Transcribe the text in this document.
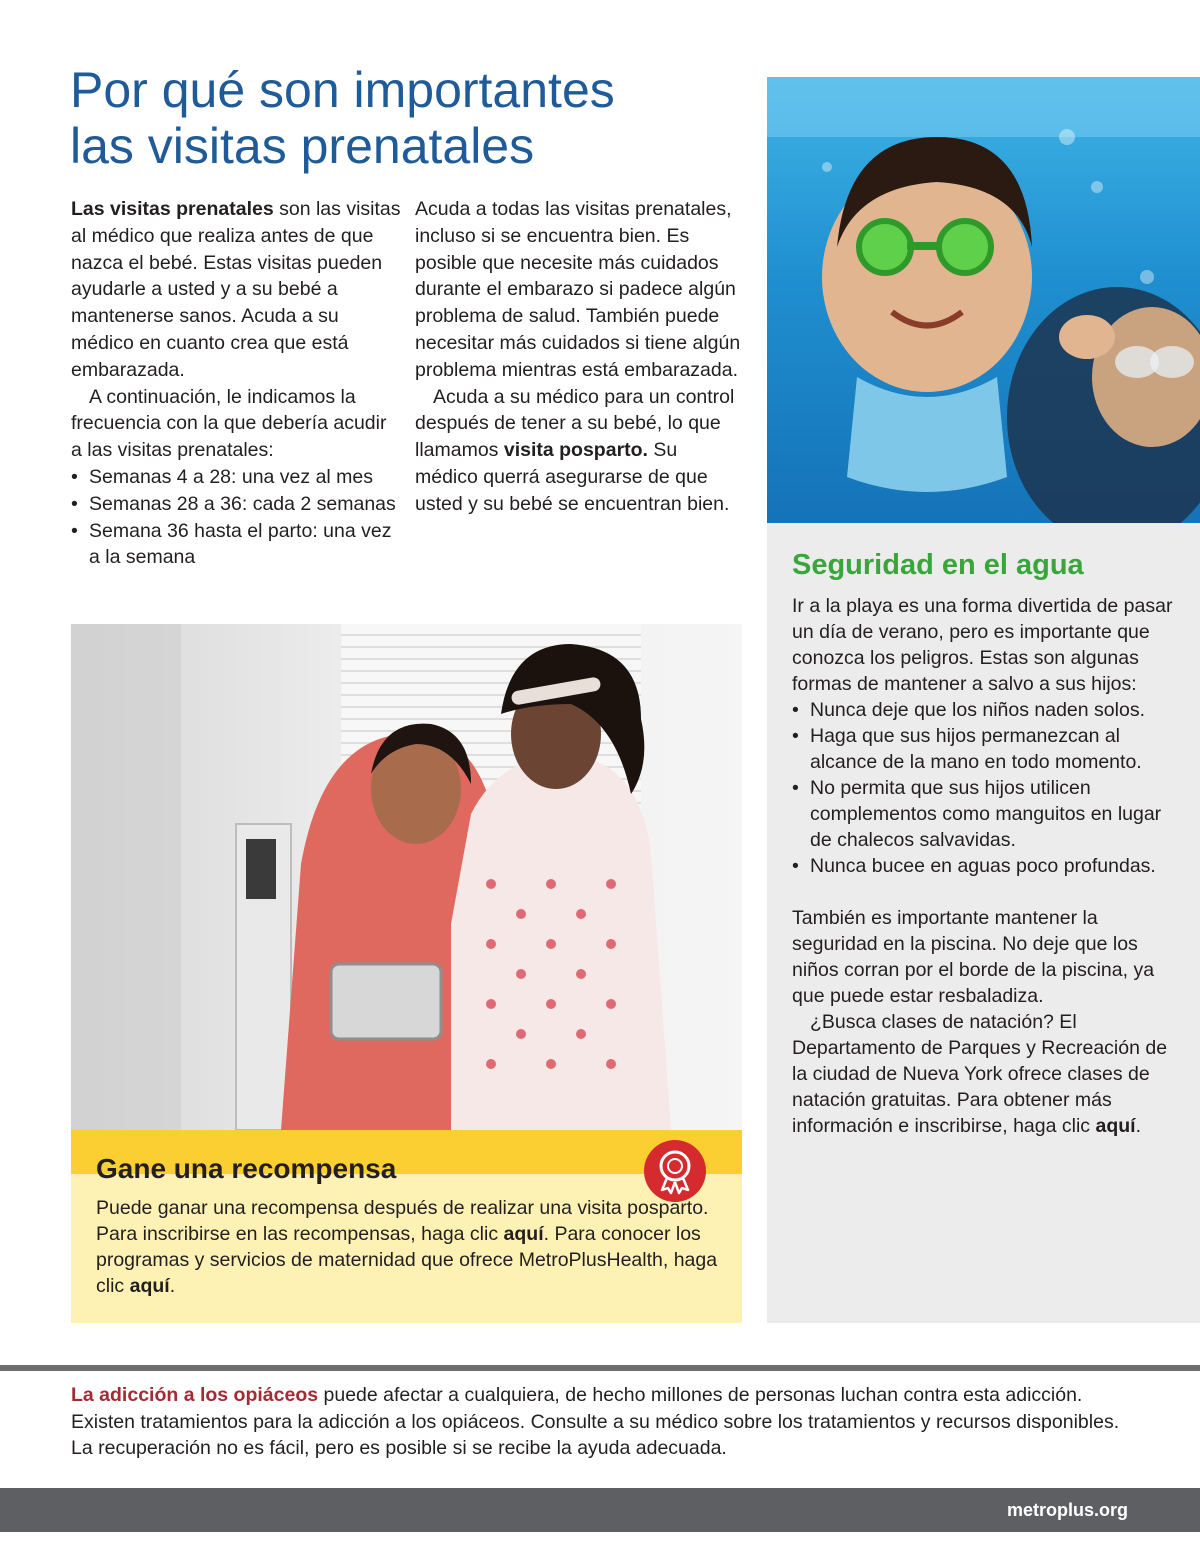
Por qué son importantes
las visitas prenatales

Las visitas prenatales son las visitas al médico que realiza antes de que nazca el bebé. Estas visitas pueden ayudarle a usted y a su bebé a mantenerse sanos. Acuda a su médico en cuanto crea que está embarazada.

A continuación, le indicamos la frecuencia con la que debería acudir a las visitas prenatales:

• Semanas 4 a 28: una vez al mes
• Semanas 28 a 36: cada 2 semanas
• Semana 36 hasta el parto: una vez a la semana

Acuda a todas las visitas prenatales, incluso si se encuentra bien. Es posible que necesite más cuidados durante el embarazo si padece algún problema de salud. También puede necesitar más cuidados si tiene algún problema mientras está embarazada.

Acuda a su médico para un control después de tener a su bebé, lo que llamamos visita posparto. Su médico querrá asegurarse de que usted y su bebé se encuentran bien.

Seguridad en el agua

Ir a la playa es una forma divertida de pasar un día de verano, pero es importante que conozca los peligros. Estas son algunas formas de mantener a salvo a sus hijos:

• Nunca deje que los niños naden solos.
• Haga que sus hijos permanezcan al alcance de la mano en todo momento.
• No permita que sus hijos utilicen complementos como manguitos en lugar de chalecos salvavidas.
• Nunca bucee en aguas poco profundas.

También es importante mantener la seguridad en la piscina. No deje que los niños corran por el borde de la piscina, ya que puede estar resbaladiza.

¿Busca clases de natación? El Departamento de Parques y Recreación de la ciudad de Nueva York ofrece clases de natación gratuitas. Para obtener más información e inscribirse, haga clic aquí.

Gane una recompensa

Puede ganar una recompensa después de realizar una visita posparto. Para inscribirse en las recompensas, haga clic aquí. Para conocer los programas y servicios de maternidad que ofrece MetroPlusHealth, haga clic aquí.

La adicción a los opiáceos puede afectar a cualquiera, de hecho millones de personas luchan contra esta adicción. Existen tratamientos para la adicción a los opiáceos. Consulte a su médico sobre los tratamientos y recursos disponibles. La recuperación no es fácil, pero es posible si se recibe la ayuda adecuada.

metroplus.org
